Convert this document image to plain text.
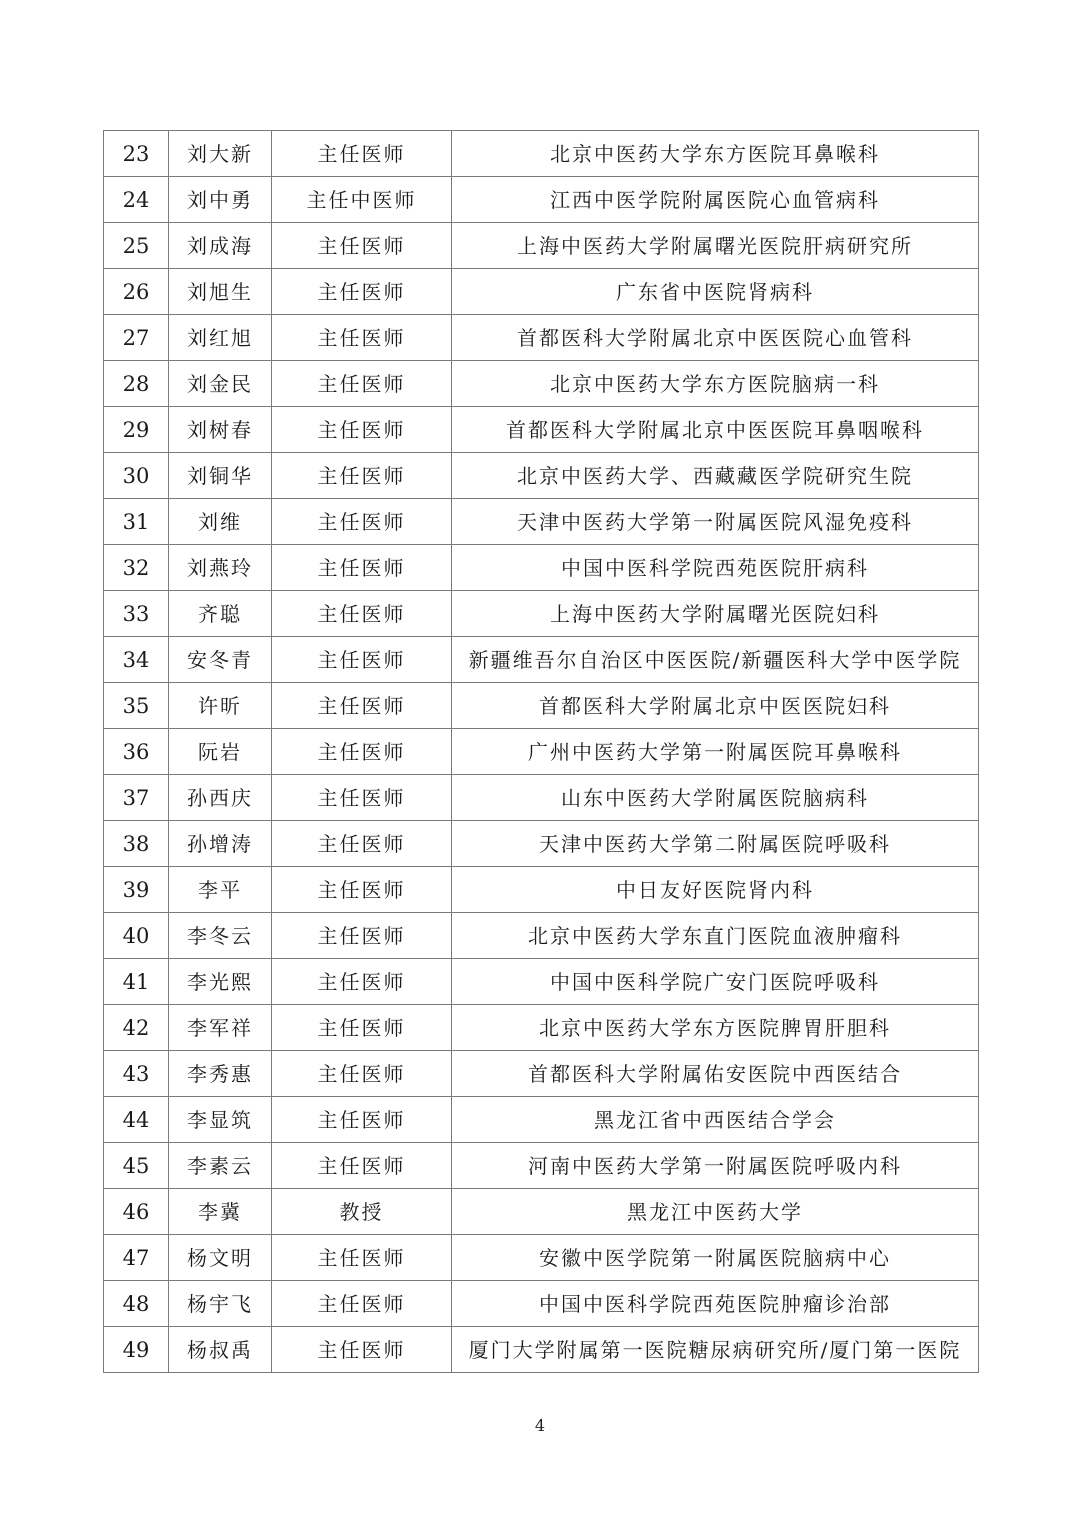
23	刘大新	主任医师	北京中医药大学东方医院耳鼻喉科
24	刘中勇	主任中医师	江西中医学院附属医院心血管病科
25	刘成海	主任医师	上海中医药大学附属曙光医院肝病研究所
26	刘旭生	主任医师	广东省中医院肾病科
27	刘红旭	主任医师	首都医科大学附属北京中医医院心血管科
28	刘金民	主任医师	北京中医药大学东方医院脑病一科
29	刘树春	主任医师	首都医科大学附属北京中医医院耳鼻咽喉科
30	刘铜华	主任医师	北京中医药大学、西藏藏医学院研究生院
31	刘维	主任医师	天津中医药大学第一附属医院风湿免疫科
32	刘燕玲	主任医师	中国中医科学院西苑医院肝病科
33	齐聪	主任医师	上海中医药大学附属曙光医院妇科
34	安冬青	主任医师	新疆维吾尔自治区中医医院/新疆医科大学中医学院
35	许昕	主任医师	首都医科大学附属北京中医医院妇科
36	阮岩	主任医师	广州中医药大学第一附属医院耳鼻喉科
37	孙西庆	主任医师	山东中医药大学附属医院脑病科
38	孙增涛	主任医师	天津中医药大学第二附属医院呼吸科
39	李平	主任医师	中日友好医院肾内科
40	李冬云	主任医师	北京中医药大学东直门医院血液肿瘤科
41	李光熙	主任医师	中国中医科学院广安门医院呼吸科
42	李军祥	主任医师	北京中医药大学东方医院脾胃肝胆科
43	李秀惠	主任医师	首都医科大学附属佑安医院中西医结合
44	李显筑	主任医师	黑龙江省中西医结合学会
45	李素云	主任医师	河南中医药大学第一附属医院呼吸内科
46	李冀	教授	黑龙江中医药大学
47	杨文明	主任医师	安徽中医学院第一附属医院脑病中心
48	杨宇飞	主任医师	中国中医科学院西苑医院肿瘤诊治部
49	杨叔禹	主任医师	厦门大学附属第一医院糖尿病研究所/厦门第一医院
4
